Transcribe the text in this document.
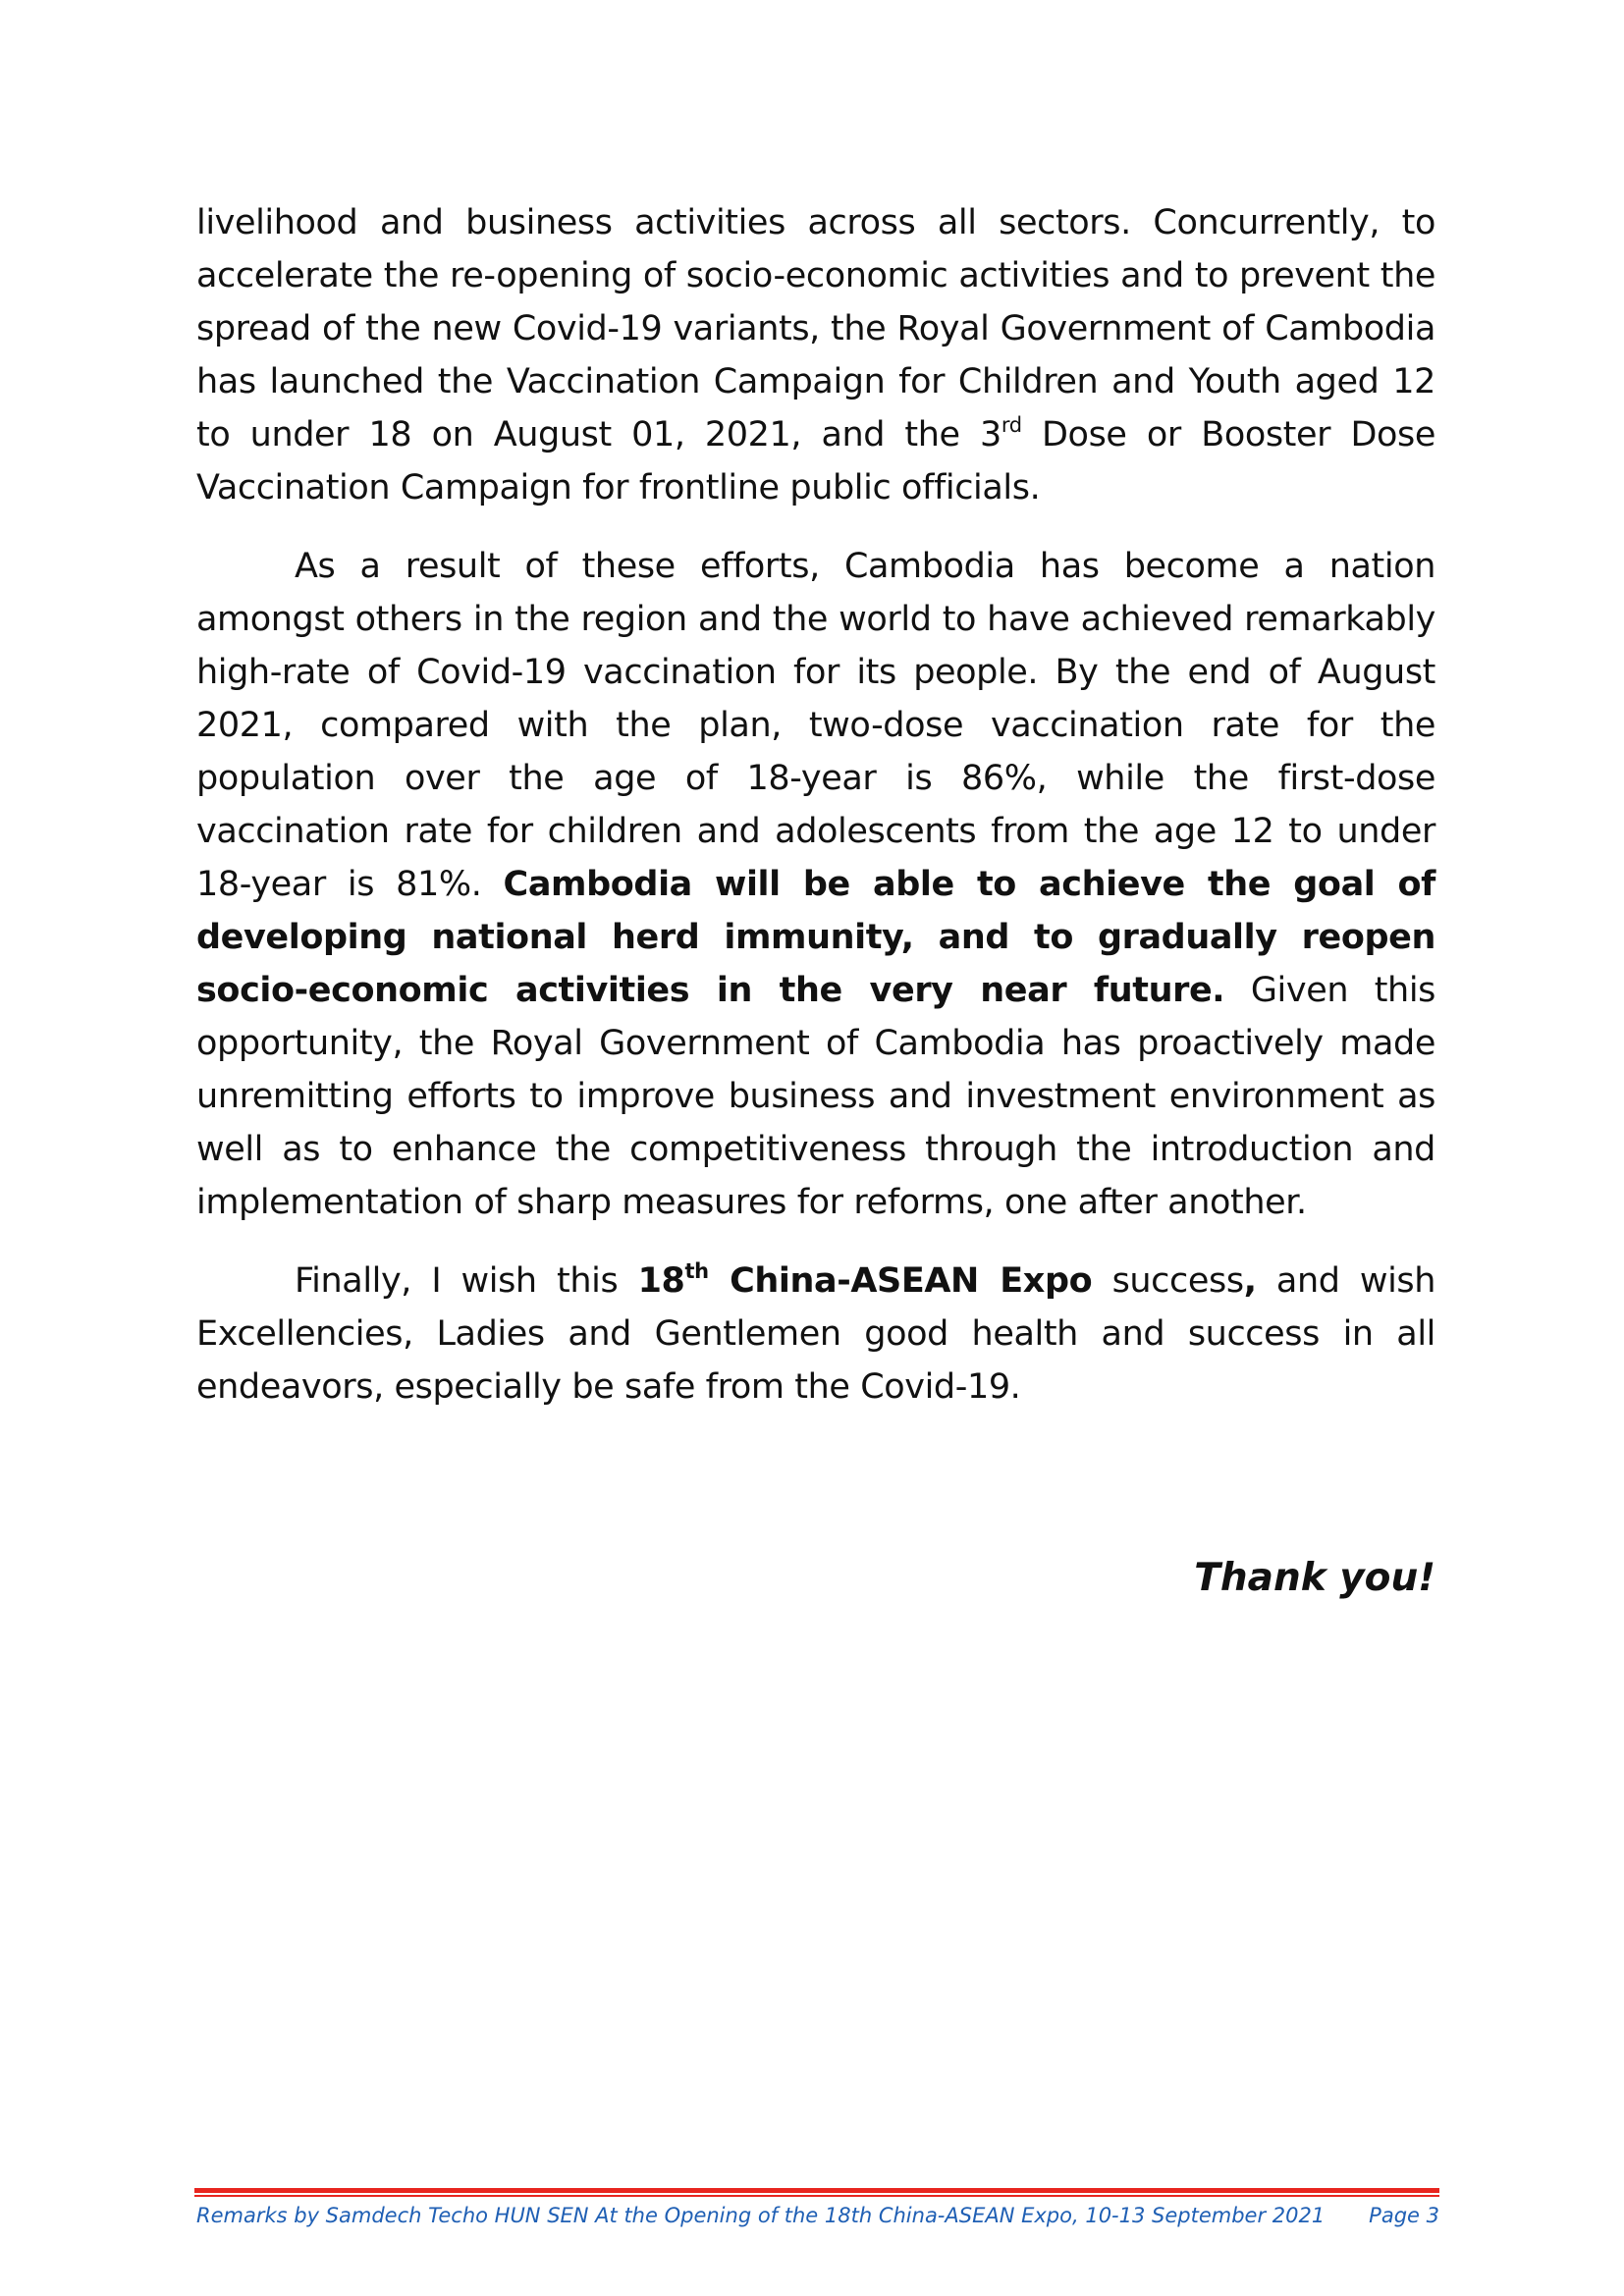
livelihood and business activities across all sectors. Concurrently, to accelerate the re-opening of socio-economic activities and to prevent the spread of the new Covid-19 variants, the Royal Government of Cambodia has launched the Vaccination Campaign for Children and Youth aged 12 to under 18 on August 01, 2021, and the 3rd Dose or Booster Dose Vaccination Campaign for frontline public officials.

As a result of these efforts, Cambodia has become a nation amongst others in the region and the world to have achieved remarkably high-rate of Covid-19 vaccination for its people. By the end of August 2021, compared with the plan, two-dose vaccination rate for the population over the age of 18-year is 86%, while the first-dose vaccination rate for children and adolescents from the age 12 to under 18-year is 81%. Cambodia will be able to achieve the goal of developing national herd immunity, and to gradually reopen socio-economic activities in the very near future. Given this opportunity, the Royal Government of Cambodia has proactively made unremitting efforts to improve business and investment environment as well as to enhance the competitiveness through the introduction and implementation of sharp measures for reforms, one after another.

Finally, I wish this 18th China-ASEAN Expo success, and wish Excellencies, Ladies and Gentlemen good health and success in all endeavors, especially be safe from the Covid-19.

Thank you!
Remarks by Samdech Techo HUN SEN At the Opening of the 18th China-ASEAN Expo, 10-13 September 2021 Page 3
